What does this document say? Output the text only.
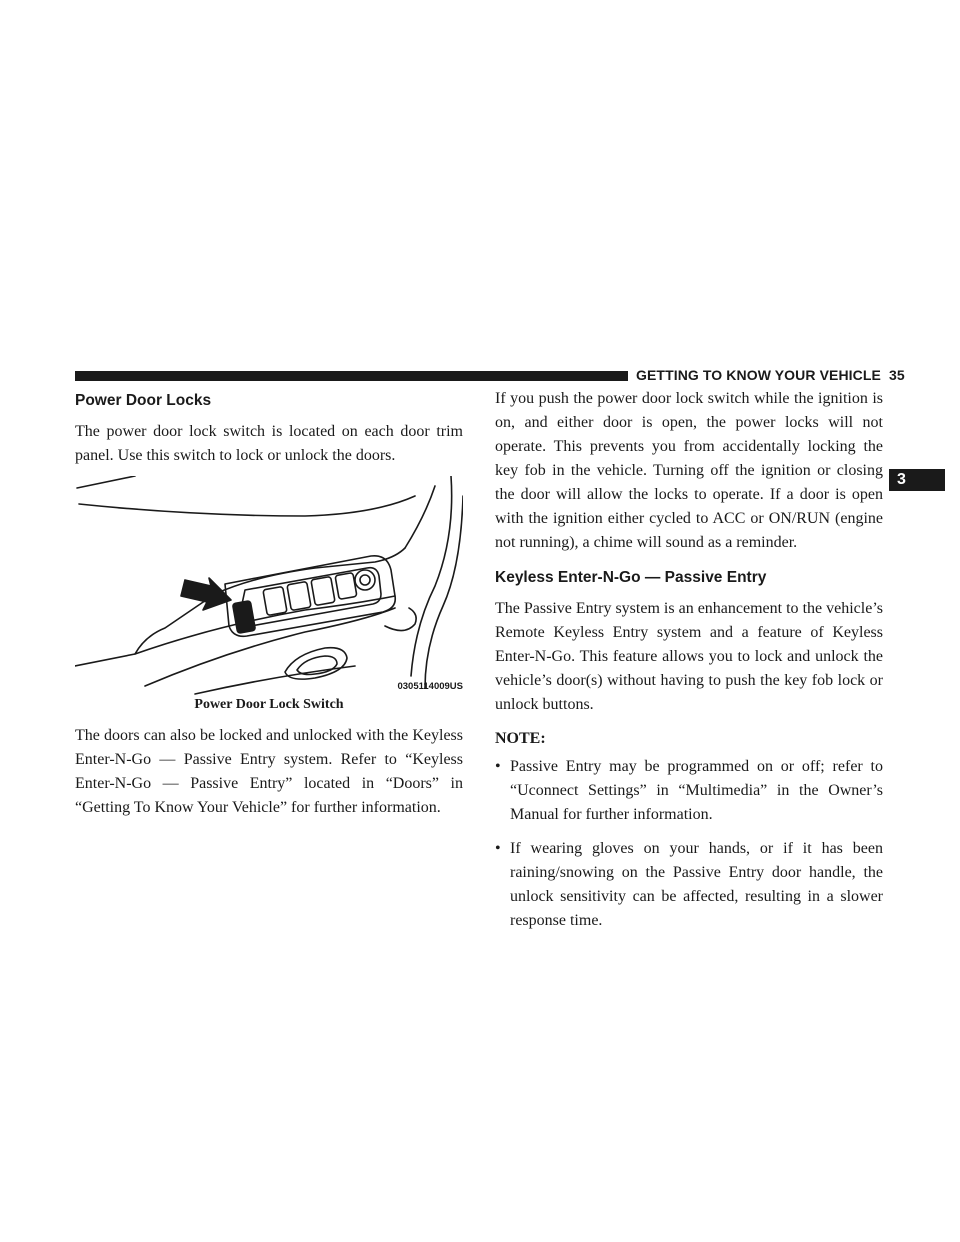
GETTING TO KNOW YOUR VEHICLE 35
3
Power Door Locks

The power door lock switch is located on each door trim panel. Use this switch to lock or unlock the doors.

0305114009US
Power Door Lock Switch

The doors can also be locked and unlocked with the Keyless Enter-N-Go — Passive Entry system. Refer to “Keyless Enter-N-Go — Passive Entry” located in “Doors” in “Getting To Know Your Vehicle” for further information.

If you push the power door lock switch while the ignition is on, and either door is open, the power locks will not operate. This prevents you from accidentally locking the key fob in the vehicle. Turning off the ignition or closing the door will allow the locks to operate. If a door is open with the ignition either cycled to ACC or ON/RUN (engine not running), a chime will sound as a reminder.

Keyless Enter-N-Go — Passive Entry

The Passive Entry system is an enhancement to the vehicle’s Remote Keyless Entry system and a feature of Keyless Enter-N-Go. This feature allows you to lock and unlock the vehicle’s door(s) without having to push the key fob lock or unlock buttons.

NOTE:
• Passive Entry may be programmed on or off; refer to “Uconnect Settings” in “Multimedia” in the Owner’s Manual for further information.
• If wearing gloves on your hands, or if it has been raining/snowing on the Passive Entry door handle, the unlock sensitivity can be affected, resulting in a slower response time.
